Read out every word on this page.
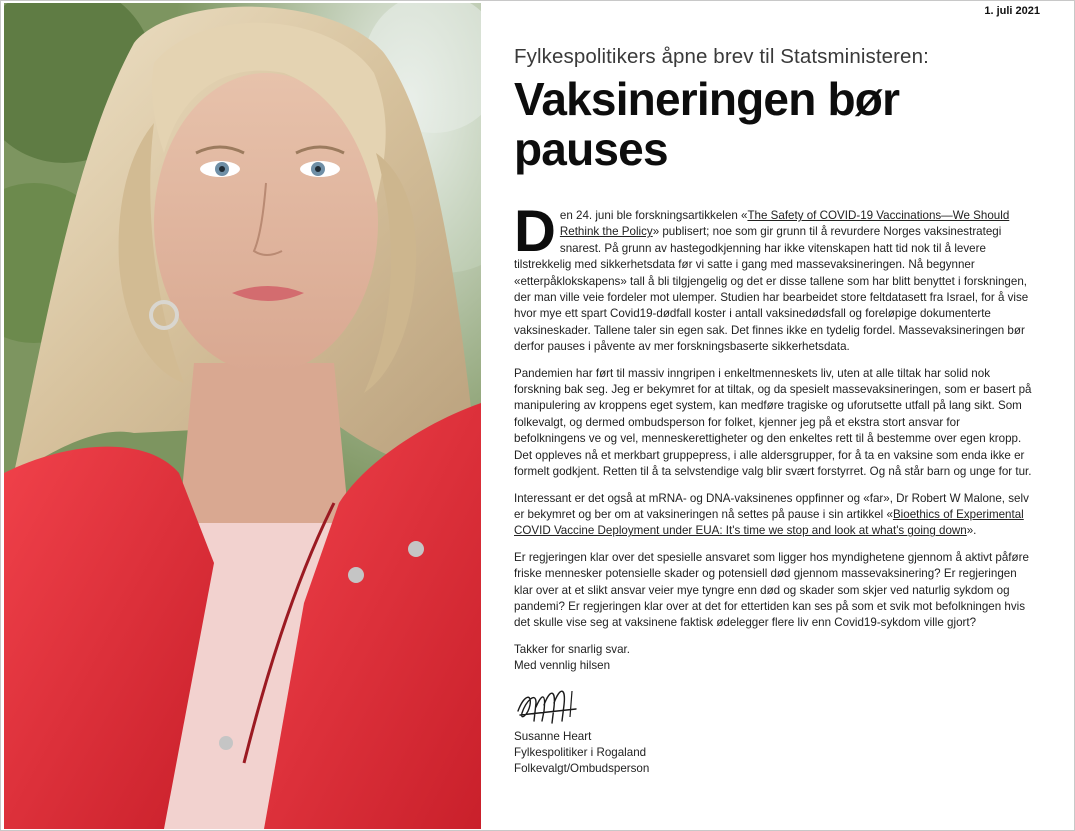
1. juli 2021
Fylkespolitikers åpne brev til Statsministeren:
Vaksineringen bør pauses

Den 24. juni ble forskningsartikkelen «The Safety of COVID-19 Vaccinations—We Should Rethink the Policy» publisert; noe som gir grunn til å revurdere Norges vaksinestrategi snarest. På grunn av hastegodkjenning har ikke vitenskapen hatt tid nok til å levere tilstrekkelig med sikkerhetsdata før vi satte i gang med massevaksineringen. Nå begynner «etterpåklokskapens» tall å bli tilgjengelig og det er disse tallene som har blitt benyttet i forskningen, der man ville veie fordeler mot ulemper. Studien har bearbeidet store feltdatasett fra Israel, for å vise hvor mye ett spart Covid19-dødfall koster i antall vaksinedødsfall og foreløpige dokumenterte vaksineskader. Tallene taler sin egen sak. Det finnes ikke en tydelig fordel. Massevaksineringen bør derfor pauses i påvente av mer forskningsbaserte sikkerhetsdata.

Pandemien har ført til massiv inngripen i enkeltmenneskets liv, uten at alle tiltak har solid nok forskning bak seg. Jeg er bekymret for at tiltak, og da spesielt massevaksineringen, som er basert på manipulering av kroppens eget system, kan medføre tragiske og uforutsette utfall på lang sikt. Som folkevalgt, og dermed ombudsperson for folket, kjenner jeg på et ekstra stort ansvar for befolkningens ve og vel, menneskerettigheter og den enkeltes rett til å bestemme over egen kropp. Det oppleves nå et merkbart gruppepress, i alle aldersgrupper, for å ta en vaksine som enda ikke er formelt godkjent. Retten til å ta selvstendige valg blir svært forstyrret. Og nå står barn og unge for tur.

Interessant er det også at mRNA- og DNA-vaksinenes oppfinner og «far», Dr Robert W Malone, selv er bekymret og ber om at vaksineringen nå settes på pause i sin artikkel «Bioethics of Experimental COVID Vaccine Deployment under EUA: It's time we stop and look at what's going down».

Er regjeringen klar over det spesielle ansvaret som ligger hos myndighetene gjennom å aktivt påføre friske mennesker potensielle skader og potensiell død gjennom massevaksinering? Er regjeringen klar over at et slikt ansvar veier mye tyngre enn død og skader som skjer ved naturlig sykdom og pandemi? Er regjeringen klar over at det for ettertiden kan ses på som et svik mot befolkningen hvis det skulle vise seg at vaksinene faktisk ødelegger flere liv enn Covid19-sykdom ville gjort?

Takker for snarlig svar.

Med vennlig hilsen

Susanne Heart
Fylkespolitiker i Rogaland
Folkevalgt/Ombudsperson
